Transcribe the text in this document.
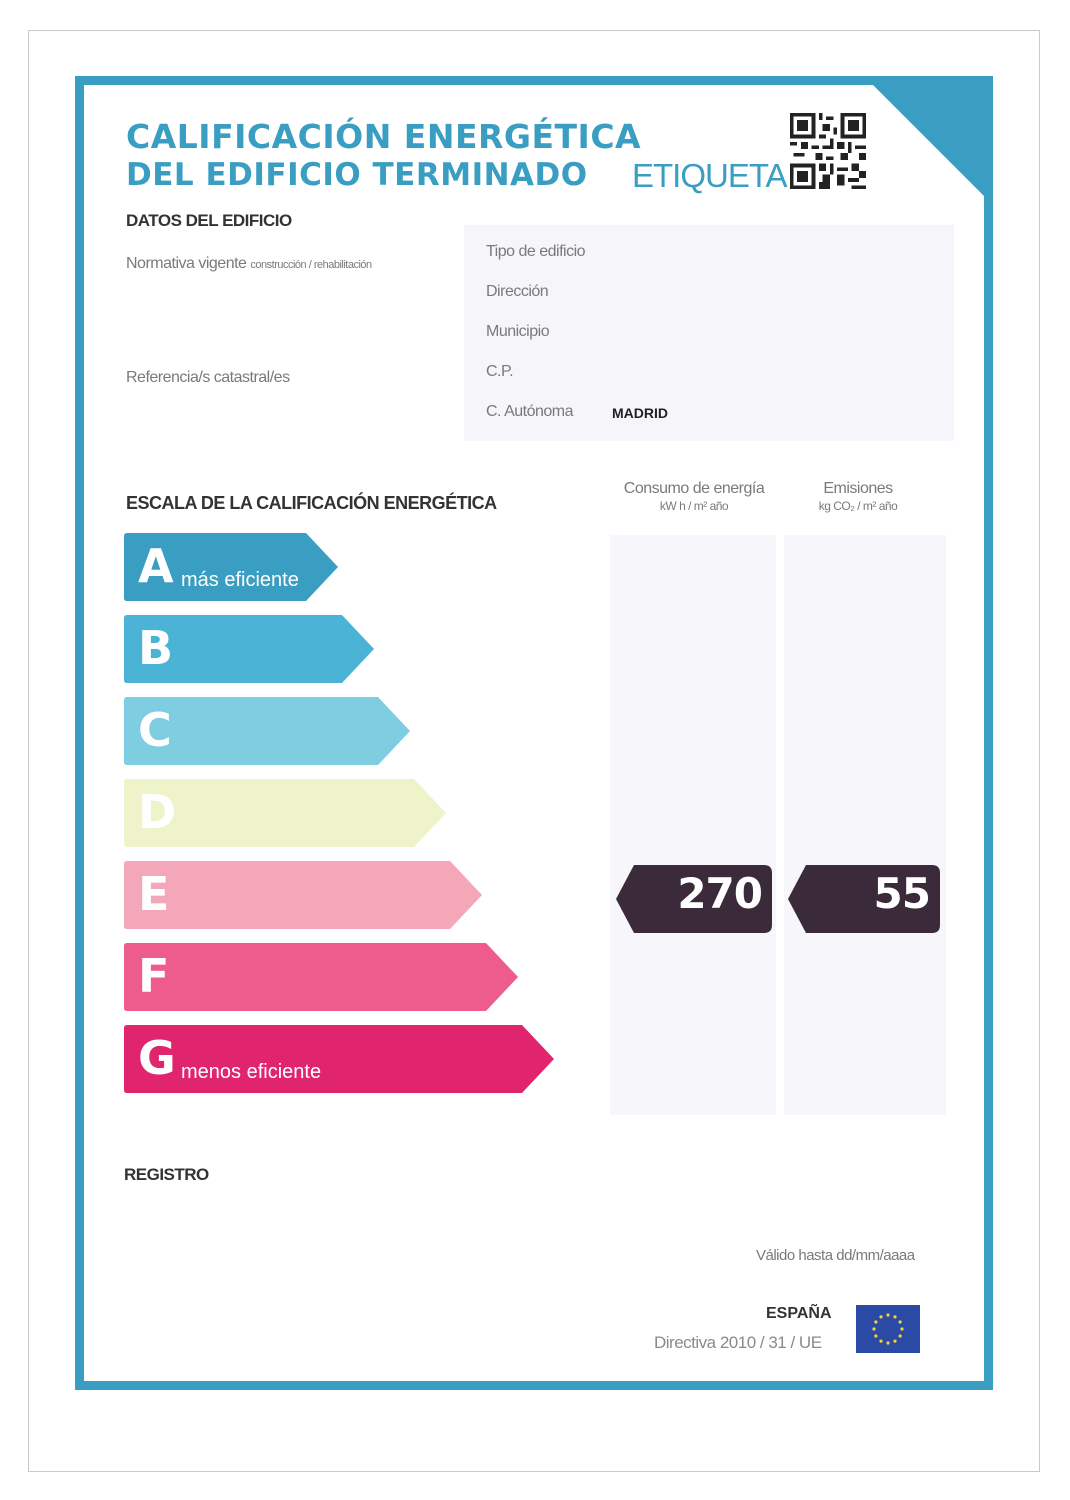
CALIFICACIÓN ENERGÉTICA
DEL EDIFICIO TERMINADO ETIQUETA
DATOS DEL EDIFICIO
Normativa vigente construcción / rehabilitación
Referencia/s catastral/es
Tipo de edificio
Dirección
Municipio
C.P.
C. Autónoma	MADRID
ESCALA DE LA CALIFICACIÓN ENERGÉTICA
Consumo de energía
kW h / m² año
Emisiones
kg CO₂ / m² año
A más eficiente
B
C
D
E
F
G menos eficiente
270	55
REGISTRO
Válido hasta dd/mm/aaaa
ESPAÑA
Directiva 2010 / 31 / UE
